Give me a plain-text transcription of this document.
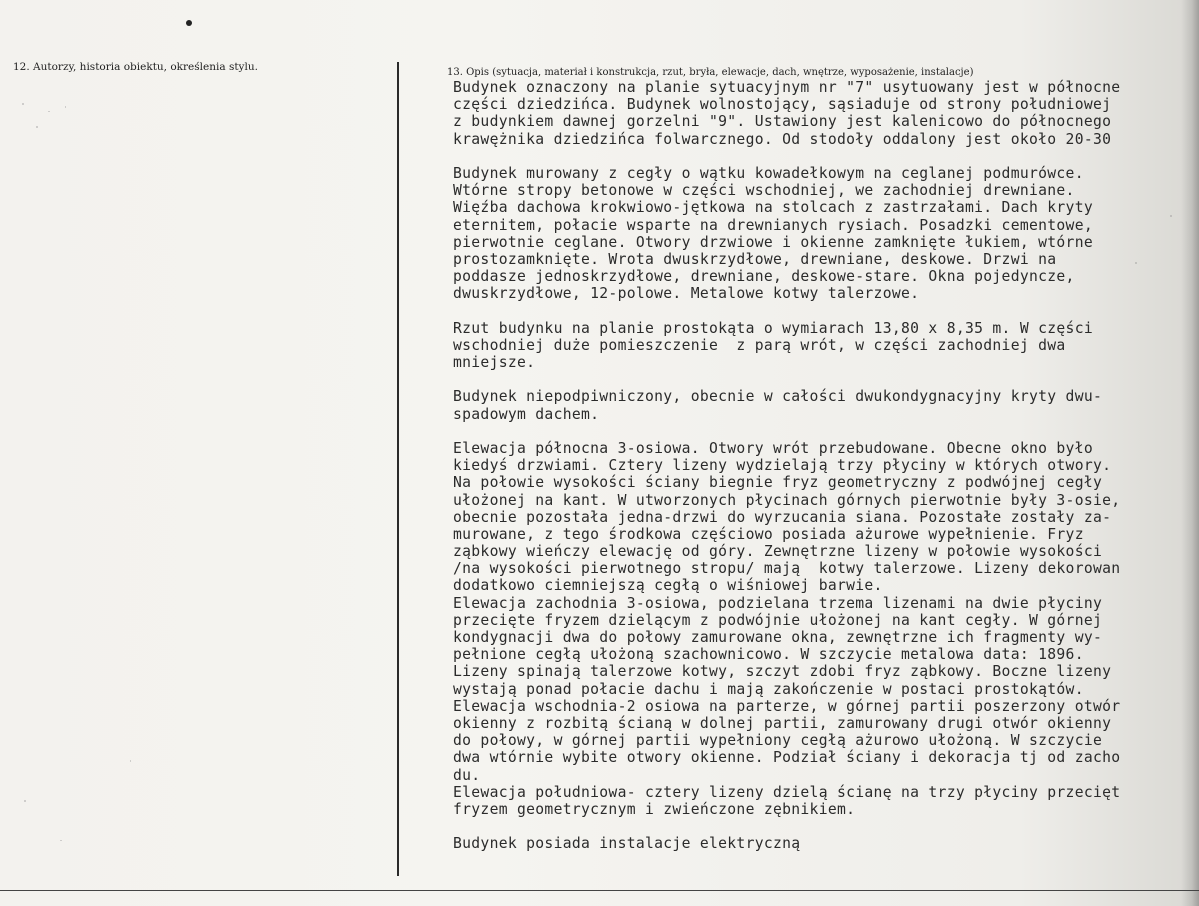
12. Autorzy, historia obiektu, określenia stylu.	13. Opis (sytuacja, materiał i konstrukcja, rzut, bryła, elewacje, dach, wnętrze, wyposażenie, instalacje)
Budynek oznaczony na planie sytuacyjnym nr "7" usytuowany jest w północne
części dziedzińca. Budynek wolnostojący, sąsiaduje od strony południowej
z budynkiem dawnej gorzelni "9". Ustawiony jest kalenicowo do północnego
krawężnika dziedzińca folwarcznego. Od stodoły oddalony jest około 20-30
Budynek murowany z cegły o wątku kowadełkowym na ceglanej podmurówce.
Wtórne stropy betonowe w części wschodniej, we zachodniej drewniane.
Więźba dachowa krokwiowo-jętkowa na stolcach z zastrzałami. Dach kryty
eternitem, połacie wsparte na drewnianych rysiach. Posadzki cementowe,
pierwotnie ceglane. Otwory drzwiowe i okienne zamknięte łukiem, wtórne
prostozamknięte. Wrota dwuskrzydłowe, drewniane, deskowe. Drzwi na
poddasze jednoskrzydłowe, drewniane, deskowe-stare. Okna pojedyncze,
dwuskrzydłowe, 12-polowe. Metalowe kotwy talerzowe.
Rzut budynku na planie prostokąta o wymiarach 13,80 x 8,35 m. W części
wschodniej duże pomieszczenie  z parą wrót, w części zachodniej dwa
mniejsze.
Budynek niepodpiwniczony, obecnie w całości dwukondygnacyjny kryty dwu-
spadowym dachem.
Elewacja północna 3-osiowa. Otwory wrót przebudowane. Obecne okno było
kiedyś drzwiami. Cztery lizeny wydzielają trzy płyciny w których otwory.
Na połowie wysokości ściany biegnie fryz geometryczny z podwójnej cegły
ułożonej na kant. W utworzonych płycinach górnych pierwotnie były 3-osie,
obecnie pozostała jedna-drzwi do wyrzucania siana. Pozostałe zostały za-
murowane, z tego środkowa częściowo posiada ażurowe wypełnienie. Fryz
ząbkowy wieńczy elewację od góry. Zewnętrzne lizeny w połowie wysokości
/na wysokości pierwotnego stropu/ mają  kotwy talerzowe. Lizeny dekorowan
dodatkowo ciemniejszą cegłą o wiśniowej barwie.
Elewacja zachodnia 3-osiowa, podzielana trzema lizenami na dwie płyciny
przecięte fryzem dzielącym z podwójnie ułożonej na kant cegły. W górnej
kondygnacji dwa do połowy zamurowane okna, zewnętrzne ich fragmenty wy-
pełnione cegłą ułożoną szachownicowo. W szczycie metalowa data: 1896.
Lizeny spinają talerzowe kotwy, szczyt zdobi fryz ząbkowy. Boczne lizeny
wystają ponad połacie dachu i mają zakończenie w postaci prostokątów.
Elewacja wschodnia-2 osiowa na parterze, w górnej partii poszerzony otwór
okienny z rozbitą ścianą w dolnej partii, zamurowany drugi otwór okienny
do połowy, w górnej partii wypełniony cegłą ażurowo ułożoną. W szczycie
dwa wtórnie wybite otwory okienne. Podział ściany i dekoracja tj od zacho
du.
Elewacja południowa- cztery lizeny dzielą ścianę na trzy płyciny przecięt
fryzem geometrycznym i zwieńczone zębnikiem.
Budynek posiada instalacje elektryczną
